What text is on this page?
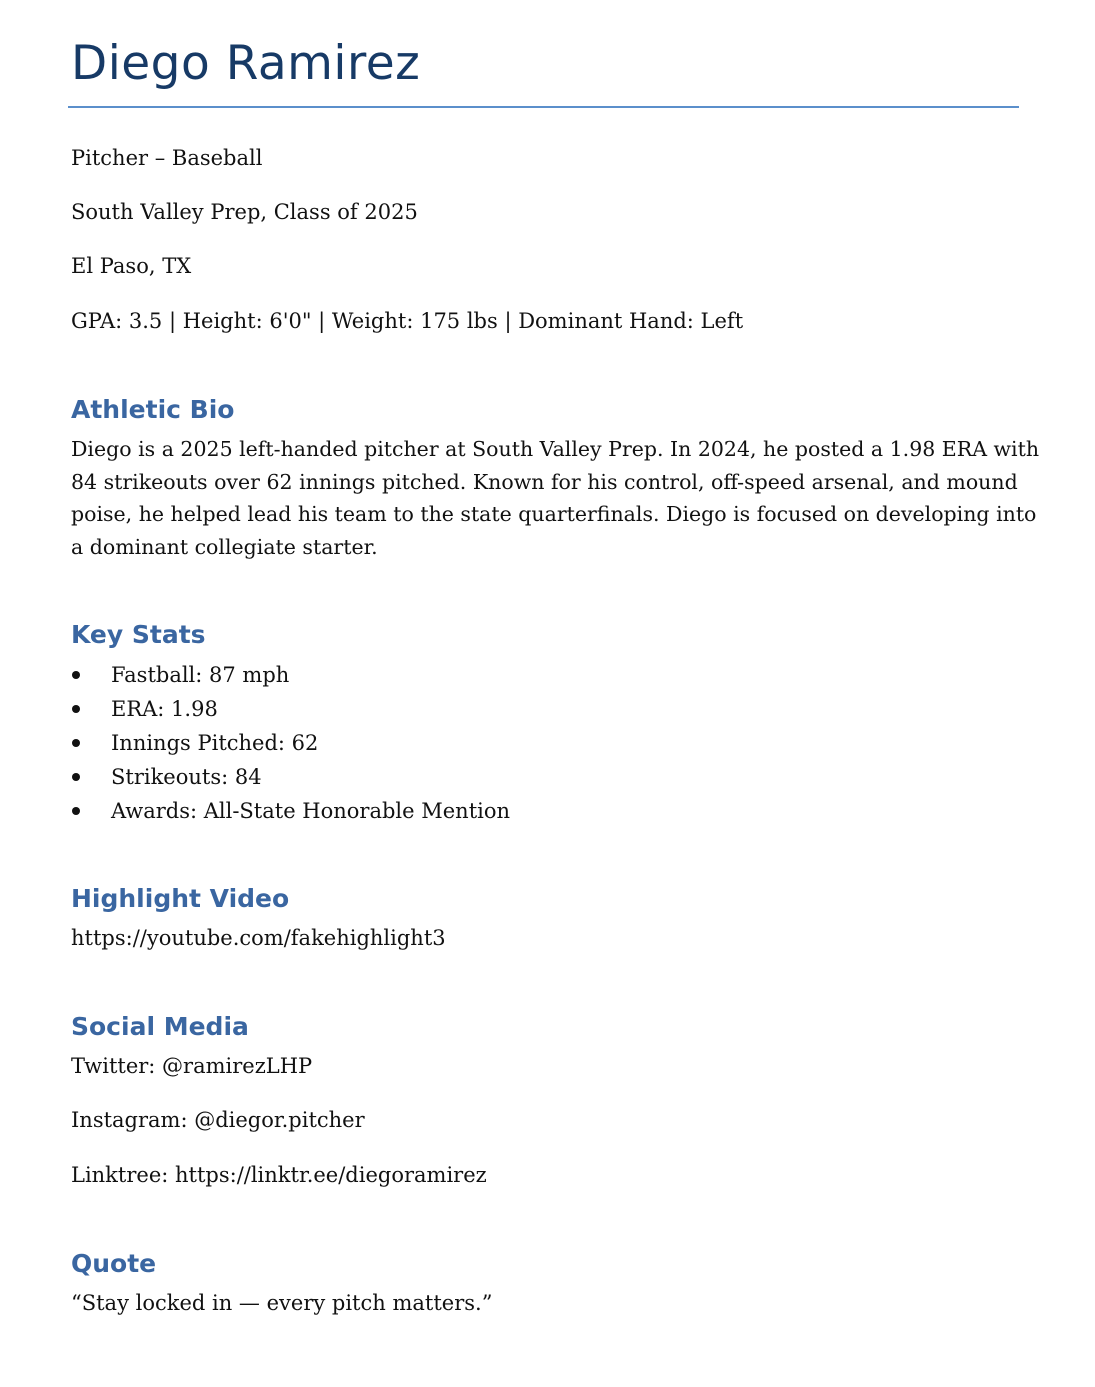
Diego Ramirez

Pitcher – Baseball

South Valley Prep, Class of 2025

El Paso, TX

GPA: 3.5 | Height: 6'0" | Weight: 175 lbs | Dominant Hand: Left

Athletic Bio

Diego is a 2025 left-handed pitcher at South Valley Prep. In 2024, he posted a 1.98 ERA with
84 strikeouts over 62 innings pitched. Known for his control, off-speed arsenal, and mound
poise, he helped lead his team to the state quarterfinals. Diego is focused on developing into
a dominant collegiate starter.

Key Stats
Fastball: 87 mph
ERA: 1.98
Innings Pitched: 62
Strikeouts: 84
Awards: All-State Honorable Mention
Highlight Video

https://youtube.com/fakehighlight3

Social Media

Twitter: @ramirezLHP

Instagram: @diegor.pitcher

Linktree: https://linktr.ee/diegoramirez

Quote

“Stay locked in — every pitch matters.”
